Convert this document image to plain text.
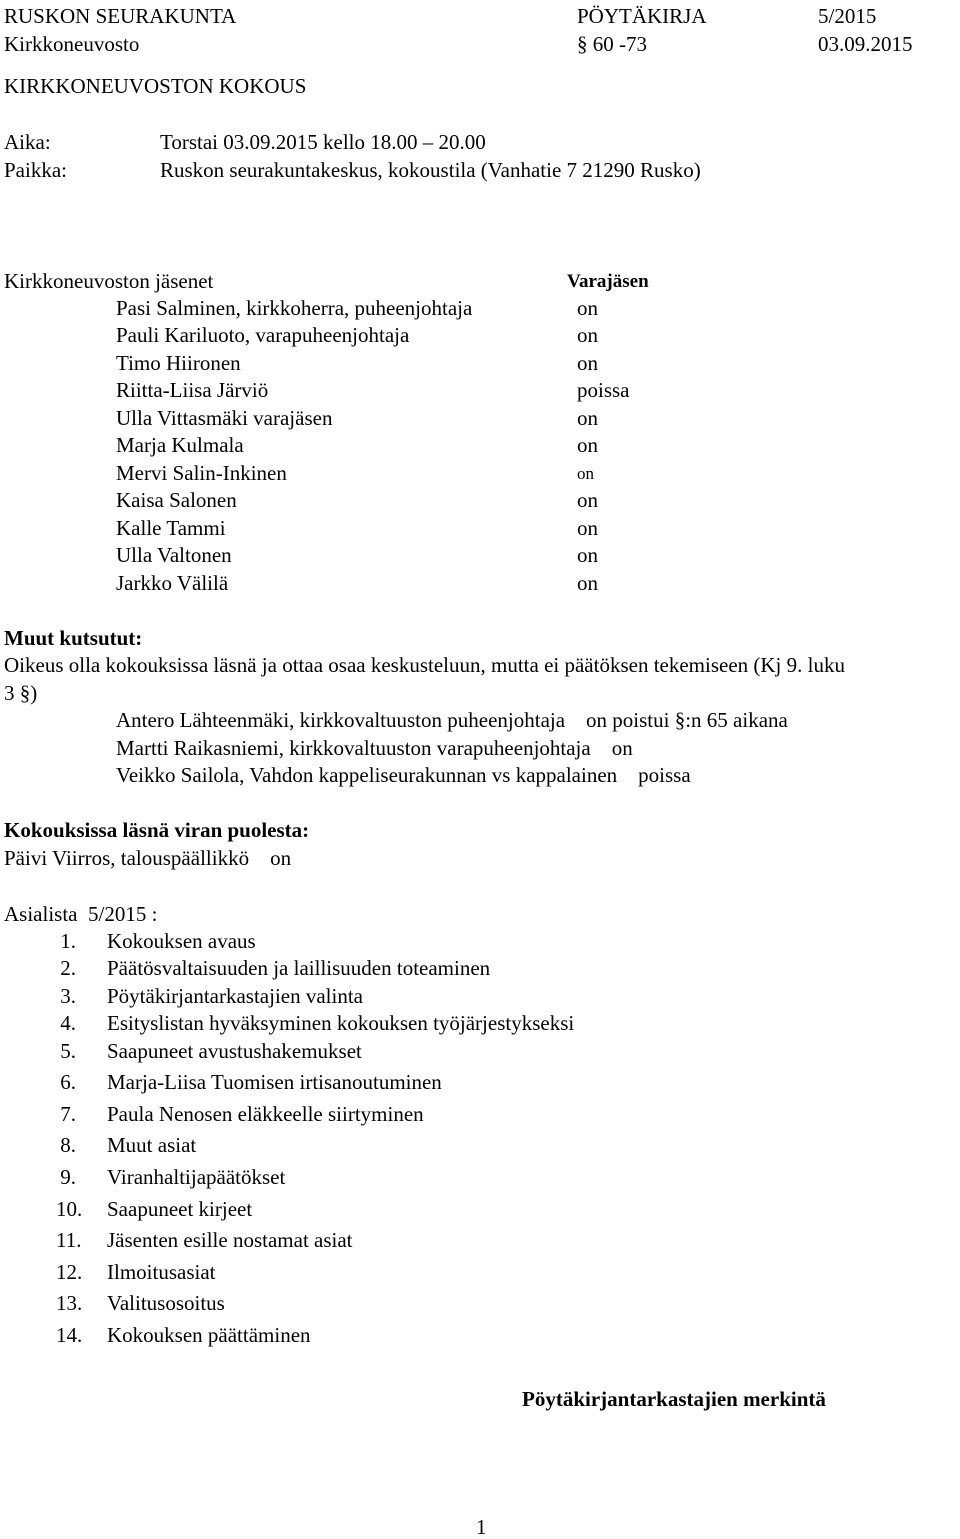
RUSKON SEURAKUNTA	PÖYTÄKIRJA	5/2015
Kirkkoneuvosto	§ 60 -73	03.09.2015
KIRKKONEUVOSTON KOKOUS
Aika:	Torstai 03.09.2015 kello 18.00 – 20.00
Paikka:	Ruskon seurakuntakeskus, kokoustila (Vanhatie 7 21290 Rusko)
Kirkkoneuvoston jäsenet	Varajäsen
Pasi Salminen, kirkkoherra, puheenjohtaja	on
Pauli Kariluoto, varapuheenjohtaja	on
Timo Hiironen	on
Riitta-Liisa Järviö	poissa
Ulla Vittasmäki varajäsen	on
Marja Kulmala	on
Mervi Salin-Inkinen	on
Kaisa Salonen	on
Kalle Tammi	on
Ulla Valtonen	on
Jarkko Välilä	on
Muut kutsutut:
Oikeus olla kokouksissa läsnä ja ottaa osaa keskusteluun, mutta ei päätöksen tekemiseen (Kj 9. luku
3 §)
Antero Lähteenmäki, kirkkovaltuuston puheenjohtaja    on poistui §:n 65 aikana
Martti Raikasniemi, kirkkovaltuuston varapuheenjohtaja    on
Veikko Sailola, Vahdon kappeliseurakunnan vs kappalainen    poissa
Kokouksissa läsnä viran puolesta:
Päivi Viirros, talouspäällikkö    on
Asialista  5/2015 :
1. Kokouksen avaus
2. Päätösvaltaisuuden ja laillisuuden toteaminen
3. Pöytäkirjantarkastajien valinta
4. Esityslistan hyväksyminen kokouksen työjärjestykseksi
5. Saapuneet avustushakemukset
6. Marja-Liisa Tuomisen irtisanoutuminen
7. Paula Nenosen eläkkeelle siirtyminen
8. Muut asiat
9. Viranhaltijapäätökset
10. Saapuneet kirjeet
11. Jäsenten esille nostamat asiat
12. Ilmoitusasiat
13. Valitusosoitus
14. Kokouksen päättäminen
Pöytäkirjantarkastajien merkintä
1
